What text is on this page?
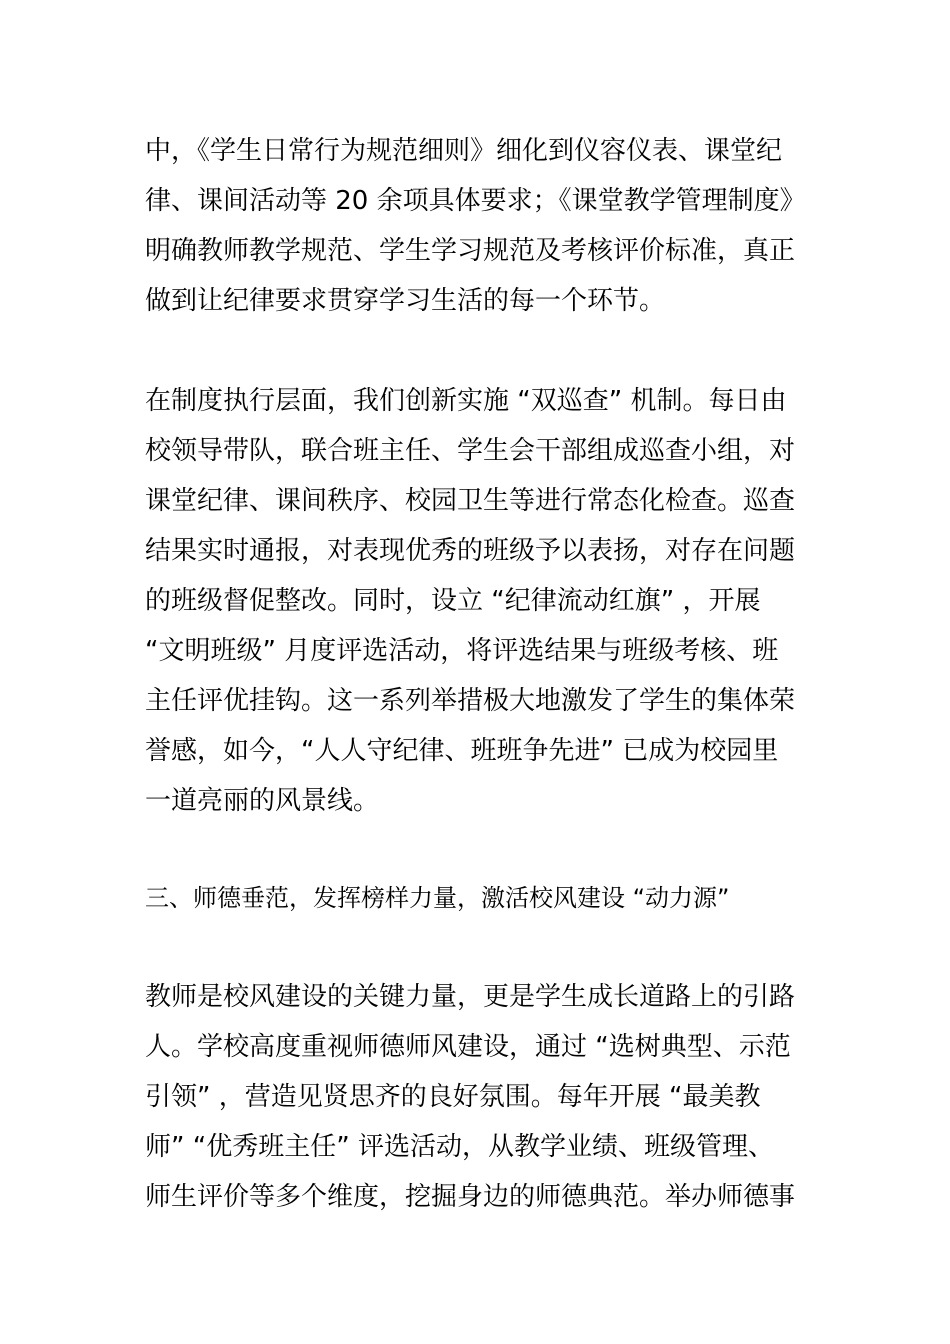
中，《学生日常行为规范细则》细化到仪容仪表、课堂纪
律、课间活动等 20 余项具体要求；《课堂教学管理制度》
明确教师教学规范、学生学习规范及考核评价标准，真正
做到让纪律要求贯穿学习生活的每一个环节。
在制度执行层面，我们创新实施 “双巡查” 机制。每日由
校领导带队，联合班主任、学生会干部组成巡查小组，对
课堂纪律、课间秩序、校园卫生等进行常态化检查。巡查
结果实时通报，对表现优秀的班级予以表扬，对存在问题
的班级督促整改。同时，设立 “纪律流动红旗” ，开展
“文明班级” 月度评选活动，将评选结果与班级考核、班
主任评优挂钩。这一系列举措极大地激发了学生的集体荣
誉感，如今，“人人守纪律、班班争先进” 已成为校园里
一道亮丽的风景线。
三、师德垂范，发挥榜样力量，激活校风建设 “动力源”
教师是校风建设的关键力量，更是学生成长道路上的引路
人。学校高度重视师德师风建设，通过 “选树典型、示范
引领” ，营造见贤思齐的良好氛围。每年开展 “最美教
师” “优秀班主任” 评选活动，从教学业绩、班级管理、
师生评价等多个维度，挖掘身边的师德典范。举办师德事
